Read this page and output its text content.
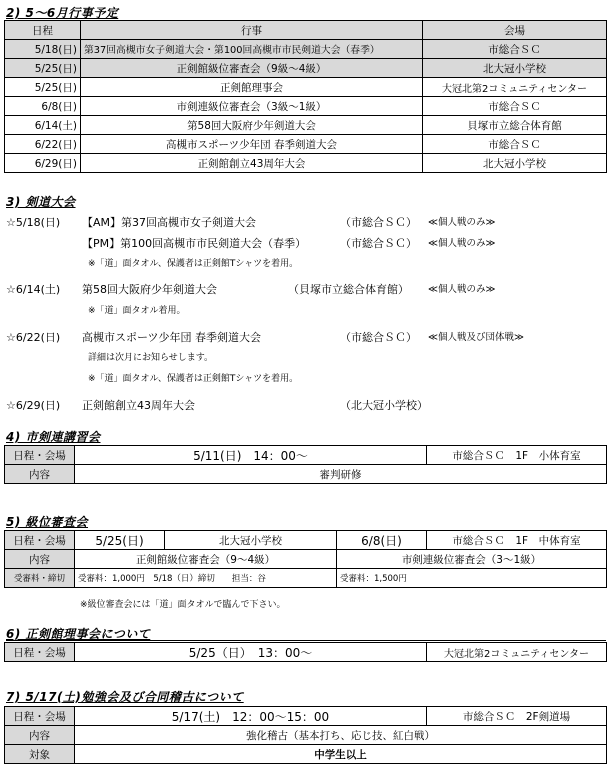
2) 5～6月行事予定
日程	行事	会場
5/18(日)	第37回高槻市女子剣道大会・第100回高槻市市民剣道大会（春季）	市総合ＳＣ
5/25(日)	正剣館級位審査会（9級～4級）	北大冠小学校
5/25(日)	正剣館理事会	大冠北第2コミュニティセンター
6/8(日)	市剣連級位審査会（3級～1級）	市総合ＳＣ
6/14(土)	第58回大阪府少年剣道大会	貝塚市立総合体育館
6/22(日)	高槻市スポーツ少年団 春季剣道大会	市総合ＳＣ
6/29(日)	正剣館創立43周年大会	北大冠小学校
3) 剣道大会
☆5/18(日) 【AM】第37回高槻市女子剣道大会	（市総合ＳＣ） ≪個人戦のみ≫
【PM】第100回高槻市市民剣道大会（春季）	（市総合ＳＣ） ≪個人戦のみ≫
※「道」面タオル、保護者は正剣館Tシャツを着用。
☆6/14(土) 第58回大阪府少年剣道大会	（貝塚市立総合体育館） ≪個人戦のみ≫
※「道」面タオル着用。
☆6/22(日) 高槻市スポーツ少年団 春季剣道大会	（市総合ＳＣ） ≪個人戦及び団体戦≫
詳細は次月にお知らせします。
※「道」面タオル、保護者は正剣館Tシャツを着用。
☆6/29(日) 正剣館創立43周年大会	（北大冠小学校）
4) 市剣連講習会
日程・会場	5/11(日)　14：00～	市総合ＳＣ　1F　小体育室
内容	審判研修	
5) 級位審査会
日程・会場	5/25(日)	北大冠小学校	6/8(日)	市総合ＳＣ　1F　中体育室
内容	正剣館級位審査会（9～4級）		市剣連級位審査会（3～1級）	
受審料・締切	受審料：1,000円　5/18（日）締切　　担当：谷		受審料：1,500円	
※級位審査会には「道」面タオルで臨んで下さい。
6) 正剣館理事会について
日程・会場	5/25（日）　13：00～	大冠北第2コミュニティセンター
7) 5/17(土)勉強会及び合同稽古について
日程・会場	5/17(土)　12：00～15：00	市総合ＳＣ　2F剣道場
内容	強化稽古（基本打ち、応じ技、紅白戦）	
対象	中学生以上	
